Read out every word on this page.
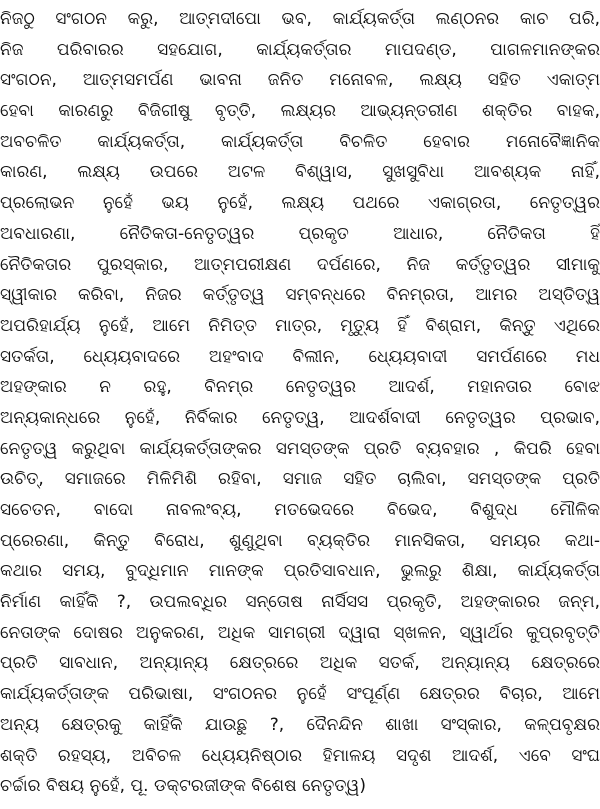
ନିଜଠୁ ସଂଗଠନ କରୁ, ଆତ୍ମଦୀପୋ ଭବ, କାର୍ଯ୍ୟକର୍ତ୍ତା ଲଣ୍ଠନର କାଚ ପରି,
ନିଜ ପରିବାରର ସହଯୋଗ, କାର୍ଯ୍ୟକର୍ତ୍ତାର ମାପଦଣ୍ଡ, ପାଗଳମାନଙ୍କର
ସଂଗଠନ, ଆତ୍ମସମର୍ପଣ ଭାବନା ଜନିତ ମନୋବଳ, ଲକ୍ଷ୍ୟ ସହିତ ଏକାତ୍ମ
ହେବା କାରଣରୁ ବିଜିଗୀଷୁ ବୃତ୍ତି, ଲକ୍ଷ୍ୟର ଆଭ୍ୟନ୍ତରୀଣ ଶକ୍ତିର ବାହକ,
ଅବଚଳିତ କାର୍ଯ୍ୟକର୍ତ୍ତା, କାର୍ଯ୍ୟକର୍ତ୍ତା ବିଚଳିତ ହେବାର ମନୋବୈଜ୍ଞାନିକ
କାରଣ, ଲକ୍ଷ୍ୟ ଉପରେ ଅଟଳ ବିଶ୍ୱାସ, ସୁଖସୁବିଧା ଆବଶ୍ୟକ ନାହିଁ,
ପ୍ରଲୋଭନ ନୁହେଁ ଭୟ ନୁହେଁ, ଲକ୍ଷ୍ୟ ପଥରେ ଏକାଗ୍ରତା, ନେତୃତ୍ୱର
ଅବଧାରଣା, ନୈତିକତା-ନେତୃତ୍ୱର ପ୍ରକୃତ ଆଧାର, ନୈତିକତା ହିଁ
ନୈତିକତାର ପୁରସ୍କାର, ଆତ୍ମପରୀକ୍ଷଣ ଦର୍ପଣରେ, ନିଜ କର୍ତ୍ତୃତ୍ୱର ସୀମାକୁ
ସ୍ୱୀକାର କରିବା, ନିଜର କର୍ତ୍ତୃତ୍ୱ ସମ୍ବନ୍ଧରେ ବିନମ୍ରତା, ଆମର ଅସ୍ତିତ୍ୱ
ଅପରିହାର୍ଯ୍ୟ ନୁହେଁ, ଆମେ ନିମିତ୍ତ ମାତ୍ର, ମୃତ୍ୟୁ ହିଁ ବିଶ୍ରାମ, କିନ୍ତୁ ଏଥିରେ
ସତର୍କତା, ଧ୍ୟେୟବାଦରେ ଅହଂବାଦ ବିଲୀନ, ଧ୍ୟେୟବାଦୀ ସମର୍ପଣରେ ମଧ
ଅହଙ୍କାର ନ ରହୁ, ବିନମ୍ର ନେତୃତ୍ୱର ଆଦର୍ଶ, ମହାନତାର ବୋଝ
ଅନ୍ୟକାନ୍ଧରେ ନୁହେଁ, ନିର୍ବିକାର ନେତୃତ୍ୱ, ଆଦର୍ଶବାଦୀ ନେତୃତ୍ୱର ପ୍ରଭାବ,
ନେତୃତ୍ୱ କରୁଥିବା କାର୍ଯ୍ୟକର୍ତ୍ତାଙ୍କର ସମସ୍ତଙ୍କ ପ୍ରତି ବ୍ୟବହାର , କିପରି ହେବା
ଉଚିତ୍, ସମାଜରେ ମିଳିମିଶି ରହିବା, ସମାଜ ସହିତ ଚାଲିବା, ସମସ୍ତଙ୍କ ପ୍ରତି
ସଚେତନ, ବାଦୋ ନାବଲଂବ୍ୟ, ମତଭେଦରେ ବିଭେଦ, ବିଶୁଦ୍ଧ ମୌଳିକ
ପ୍ରେରଣା, କିନ୍ତୁ ବିରୋଧ, ଶୁଣୁଥିବା ବ୍ୟକ୍ତିର ମାନସିକତା, ସମୟର କଥା-
କଥାର ସମୟ, ବୁଦ୍ଧିମାନ ମାନଙ୍କ ପ୍ରତିସାବଧାନ, ଭୁଲରୁ ଶିକ୍ଷା, କାର୍ଯ୍ୟକର୍ତ୍ତା
ନିର୍ମାଣ କାହିଁକି ?, ଉପଲବ୍ଧିର ସନ୍ତୋଷ ନାର୍ସିସସ ପ୍ରକୃତି, ଅହଙ୍କାରର ଜନ୍ମ,
ନେତାଙ୍କ ଦୋଷର ଅନୁକରଣ, ଅଧିକ ସାମଗ୍ରୀ ଦ୍ୱାରା ସ୍ଖଳନ, ସ୍ୱାର୍ଥର କୁପ୍ରବୃତ୍ତି
ପ୍ରତି ସାବଧାନ, ଅନ୍ୟାନ୍ୟ କ୍ଷେତ୍ରରେ ଅଧିକ ସତର୍କ, ଅନ୍ୟାନ୍ୟ କ୍ଷେତ୍ରରେ
କାର୍ଯ୍ୟକର୍ତ୍ତାଙ୍କ ପରିଭାଷା, ସଂଗଠନର ନୁହେଁ ସଂପୂର୍ଣ୍ଣ କ୍ଷେତ୍ରର ବିଚାର, ଆମେ
ଅନ୍ୟ କ୍ଷେତ୍ରକୁ କାହିଁକି ଯାଉଛୁ ?, ଦୈନନ୍ଦିନ ଶାଖା ସଂସ୍କାର, କଳ୍ପବୃକ୍ଷର
ଶକ୍ତି ରହସ୍ୟ, ଅବିଚଳ ଧ୍ୟେୟନିଷ୍ଠାର ହିମାଳୟ ସଦୃଶ ଆଦର୍ଶ, ଏବେ ସଂଘ
ଚର୍ଚ୍ଚାର ବିଷୟ ନୁହେଁ, ପୂ. ଡକ୍ଟରଜୀଙ୍କ ବିଶେଷ ନେତୃତ୍ୱ)
